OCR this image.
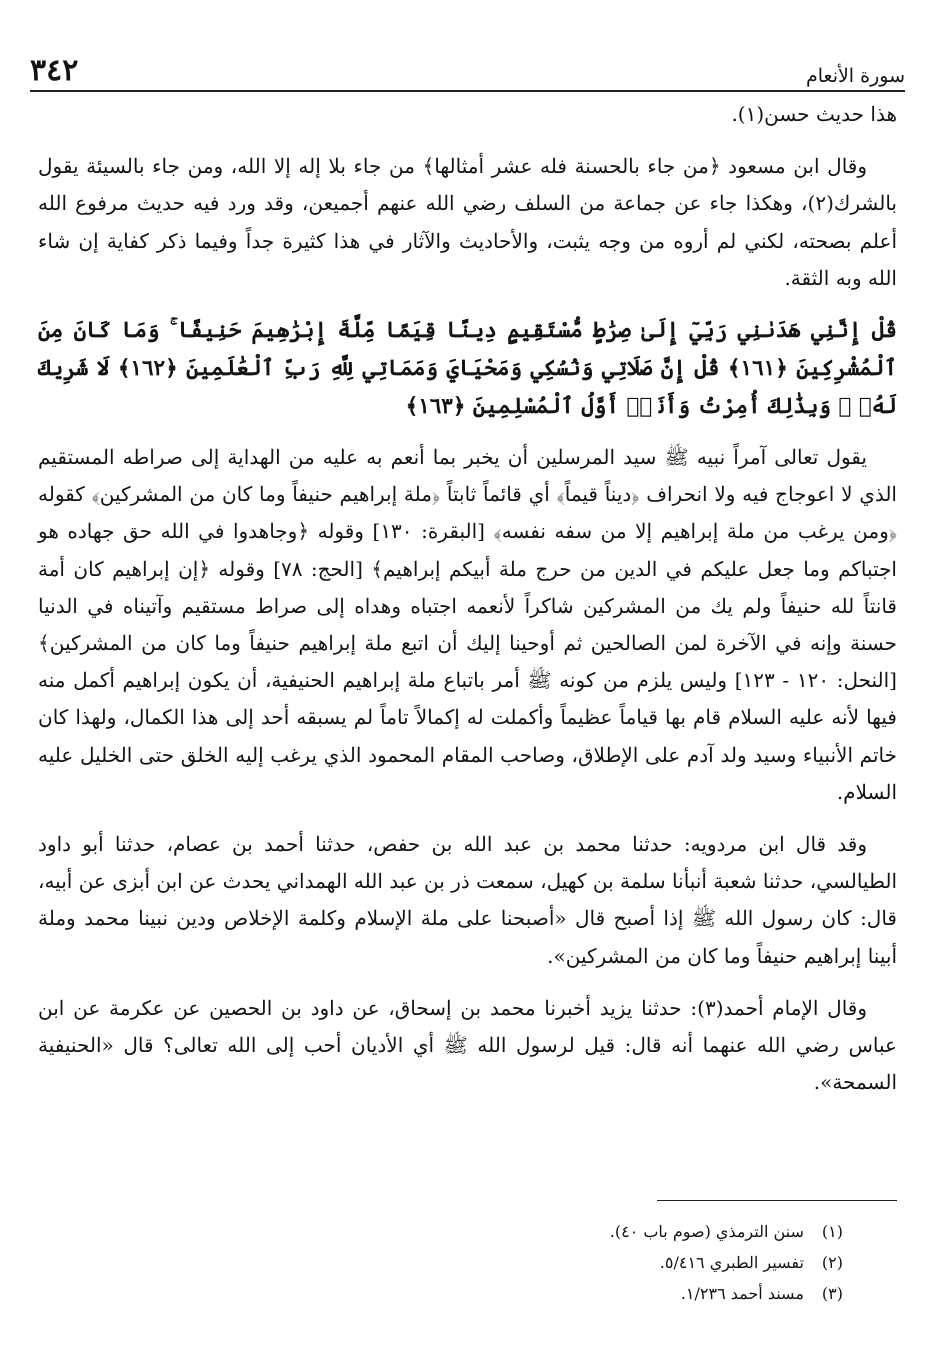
٣٤٢	سورة الأنعام

هذا حديث حسن(١).

وقال ابن مسعود ﴿من جاء بالحسنة فله عشر أمثالها﴾ من جاء بلا إله إلا الله، ومن جاء بالسيئة يقول بالشرك(٢)، وهكذا جاء عن جماعة من السلف رضي الله عنهم أجميعن، وقد ورد فيه حديث مرفوع الله أعلم بصحته، لكني لم أروه من وجه يثبت، والأحاديث والآثار في هذا كثيرة جداً وفيما ذكر كفاية إن شاء الله وبه الثقة.

قُلْ إِنَّنِي هَدَىٰنِي رَبِّيٓ إِلَىٰ صِرَٰطٍ مُّسْتَقِيمٍ دِينًا قِيَمًا مِّلَّةَ إِبْرَٰهِيمَ حَنِيفًا ۚ وَمَا كَانَ مِنَ ٱلْمُشْرِكِينَ ﴿١٦١﴾ قُلْ إِنَّ صَلَاتِي وَنُسُكِي وَمَحْيَايَ وَمَمَاتِي لِلَّهِ رَبِّ ٱلْعَٰلَمِينَ ﴿١٦٢﴾ لَا شَرِيكَ لَهُۥ ۖ وَبِذَٰلِكَ أُمِرْتُ وَأَنَا۠ أَوَّلُ ٱلْمُسْلِمِينَ ﴿١٦٣﴾

يقول تعالى آمراً نبيه ﷺ سيد المرسلين أن يخبر بما أنعم به عليه من الهداية إلى صراطه المستقيم الذي لا اعوجاج فيه ولا انحراف ﴿ديناً قيماً﴾ أي قائماً ثابتاً ﴿ملة إبراهيم حنيفاً وما كان من المشركين﴾ كقوله ﴿ومن يرغب من ملة إبراهيم إلا من سفه نفسه﴾ [البقرة: ١٣٠] وقوله ﴿وجاهدوا في الله حق جهاده هو اجتباكم وما جعل عليكم في الدين من حرج ملة أبيكم إبراهيم﴾ [الحج: ٧٨] وقوله ﴿إن إبراهيم كان أمة قانتاً لله حنيفاً ولم يك من المشركين شاكراً لأنعمه اجتباه وهداه إلى صراط مستقيم وآتيناه في الدنيا حسنة وإنه في الآخرة لمن الصالحين ثم أوحينا إليك أن اتبع ملة إبراهيم حنيفاً وما كان من المشركين﴾ [النحل: ١٢٠ - ١٢٣] وليس يلزم من كونه ﷺ أمر باتباع ملة إبراهيم الحنيفية، أن يكون إبراهيم أكمل منه فيها لأنه عليه السلام قام بها قياماً عظيماً وأكملت له إكمالاً تاماً لم يسبقه أحد إلى هذا الكمال، ولهذا كان خاتم الأنبياء وسيد ولد آدم على الإطلاق، وصاحب المقام المحمود الذي يرغب إليه الخلق حتى الخليل عليه السلام.

وقد قال ابن مردويه: حدثنا محمد بن عبد الله بن حفص، حدثنا أحمد بن عصام، حدثنا أبو داود الطيالسي، حدثنا شعبة أنبأنا سلمة بن كهيل، سمعت ذر بن عبد الله الهمداني يحدث عن ابن أبزى عن أبيه، قال: كان رسول الله ﷺ إذا أصبح قال «أصبحنا على ملة الإسلام وكلمة الإخلاص ودين نبينا محمد وملة أبينا إبراهيم حنيفاً وما كان من المشركين».

وقال الإمام أحمد(٣): حدثنا يزيد أخبرنا محمد بن إسحاق، عن داود بن الحصين عن عكرمة عن ابن عباس رضي الله عنهما أنه قال: قيل لرسول الله ﷺ أي الأديان أحب إلى الله تعالى؟ قال «الحنيفية السمحة».

(١)
سنن الترمذي (صوم باب ٤٠).
(٢)
تفسير الطبري ٥/٤١٦.
(٣)
مسند أحمد ١/٢٣٦.
